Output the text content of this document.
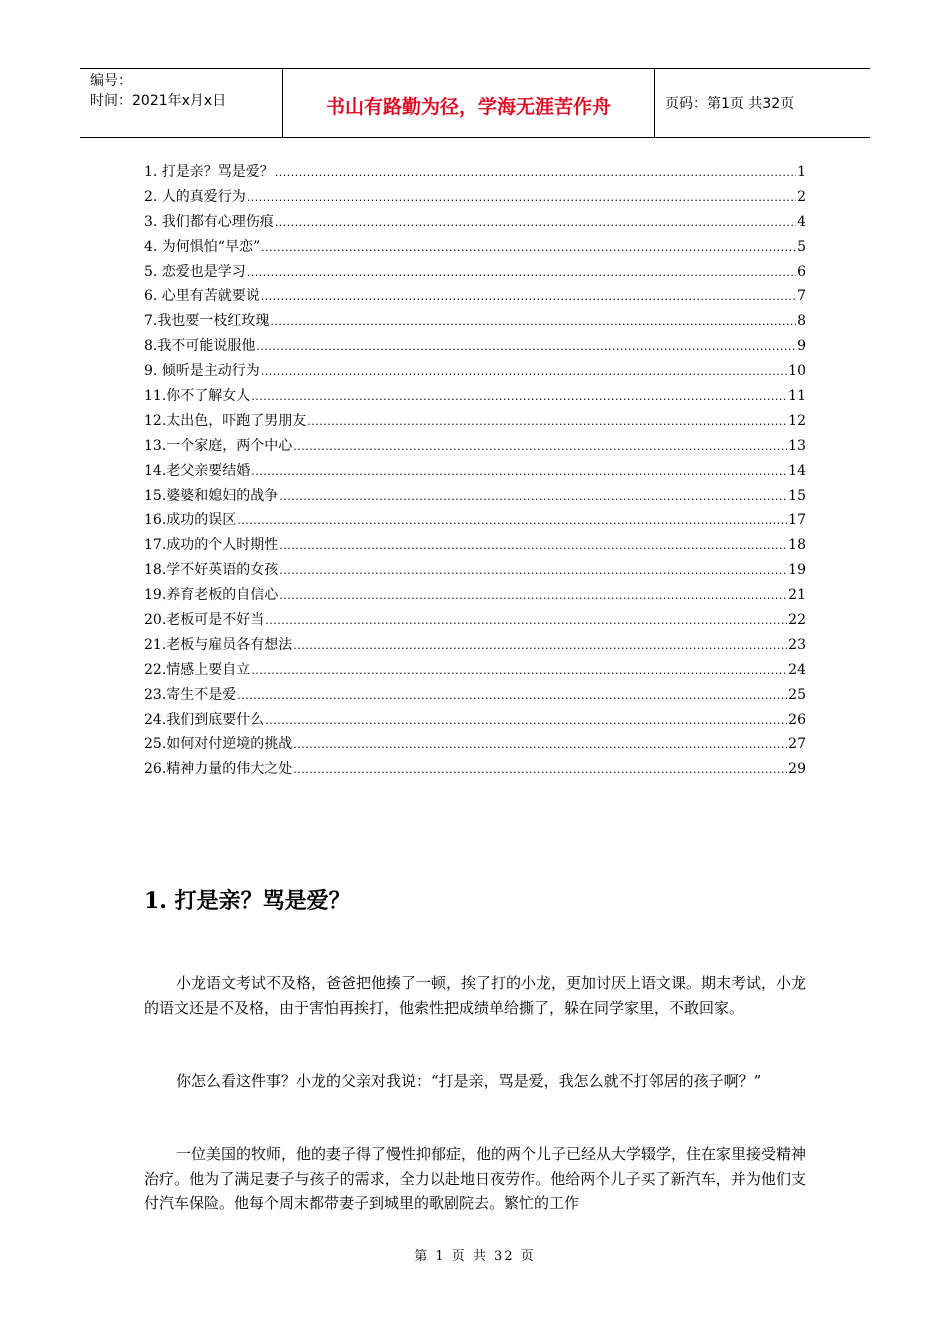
编号：
时间：2021年x月x日	书山有路勤为径，学海无涯苦作舟	页码：第1页 共32页
1. 打是亲？骂是爱？ .....	1
2. 人的真爱行为 .....	2
3. 我们都有心理伤痕 .....	4
4. 为何惧怕“早恋” .....	5
5. 恋爱也是学习 .....	6
6. 心里有苦就要说 .....	7
7.我也要一枝红玫瑰 .....	8
8.我不可能说服他 .....	9
9. 倾听是主动行为 .....	10
11.你不了解女人 .....	11
12.太出色，吓跑了男朋友 .....	12
13.一个家庭，两个中心 .....	13
14.老父亲要结婚 .....	14
15.婆婆和媳妇的战争 .....	15
16.成功的误区 .....	17
17.成功的个人时期性 .....	18
18.学不好英语的女孩 .....	19
19.养育老板的自信心 .....	21
20.老板可是不好当 .....	22
21.老板与雇员各有想法 .....	23
22.情感上要自立 .....	24
23.寄生不是爱 .....	25
24.我们到底要什么 .....	26
25.如何对付逆境的挑战 .....	27
26.精神力量的伟大之处 .....	29
1. 打是亲？骂是爱？

小龙语文考试不及格，爸爸把他揍了一顿，挨了打的小龙，更加讨厌上语文课。期末考试，小龙的语文还是不及格，由于害怕再挨打，他索性把成绩单给撕了，躲在同学家里，不敢回家。

你怎么看这件事？小龙的父亲对我说：“打是亲，骂是爱，我怎么就不打邻居的孩子啊？”

一位美国的牧师，他的妻子得了慢性抑郁症，他的两个儿子已经从大学辍学，住在家里接受精神治疗。他为了满足妻子与孩子的需求，全力以赴地日夜劳作。他给两个儿子买了新汽车，并为他们支付汽车保险。他每个周末都带妻子到城里的歌剧院去。繁忙的工作

第 1 页 共 32 页
